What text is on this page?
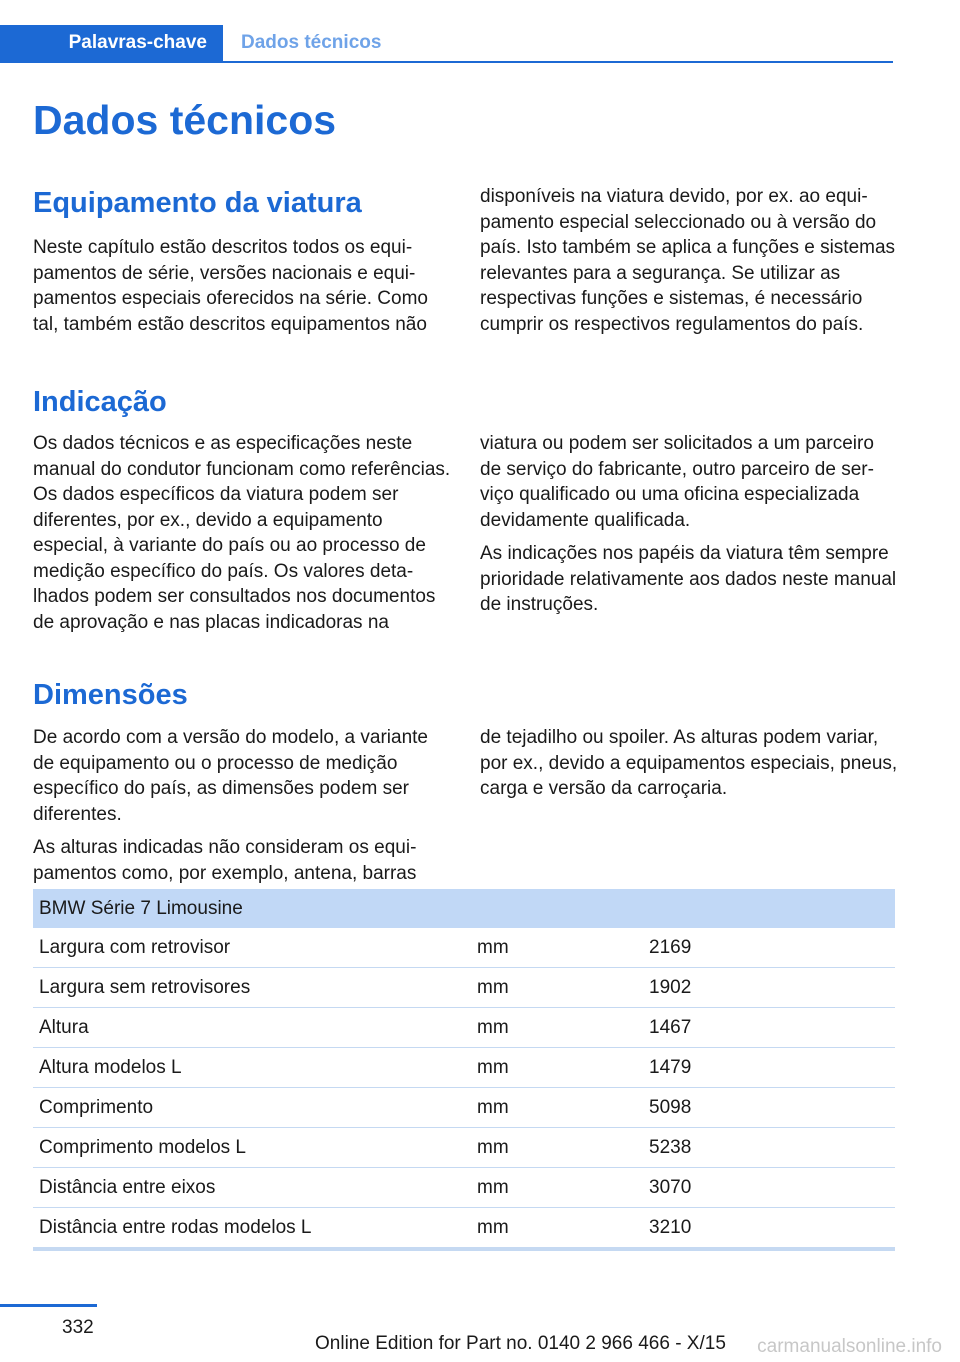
Palavras-chave	Dados técnicos
Dados técnicos
Equipamento da viatura

Neste capítulo estão descritos todos os equipamentos de série, versões nacionais e equipamentos especiais oferecidos na série. Como tal, também estão descritos equipamentos não

disponíveis na viatura devido, por ex. ao equipamento especial seleccionado ou à versão do país. Isto também se aplica a funções e sistemas relevantes para a segurança. Se utilizar as respectivas funções e sistemas, é necessário cumprir os respectivos regulamentos do país.

Indicação

Os dados técnicos e as especificações neste manual do condutor funcionam como referências. Os dados específicos da viatura podem ser diferentes, por ex., devido a equipamento especial, à variante do país ou ao processo de medição específico do país. Os valores detalhados podem ser consultados nos documentos de aprovação e nas placas indicadoras na

viatura ou podem ser solicitados a um parceiro de serviço do fabricante, outro parceiro de serviço qualificado ou uma oficina especializada devidamente qualificada.

As indicações nos papéis da viatura têm sempre prioridade relativamente aos dados neste manual de instruções.

Dimensões

De acordo com a versão do modelo, a variante de equipamento ou o processo de medição específico do país, as dimensões podem ser diferentes.

As alturas indicadas não consideram os equipamentos como, por exemplo, antena, barras

de tejadilho ou spoiler. As alturas podem variar, por ex., devido a equipamentos especiais, pneus, carga e versão da carroçaria.

BMW Série 7 Limousine		
Largura com retrovisor	mm	2169
Largura sem retrovisores	mm	1902
Altura	mm	1467
Altura modelos L	mm	1479
Comprimento	mm	5098
Comprimento modelos L	mm	5238
Distância entre eixos	mm	3070
Distância entre rodas modelos L	mm	3210
332
Online Edition for Part no. 0140 2 966 466 - X/15 carmanualsonline.info
